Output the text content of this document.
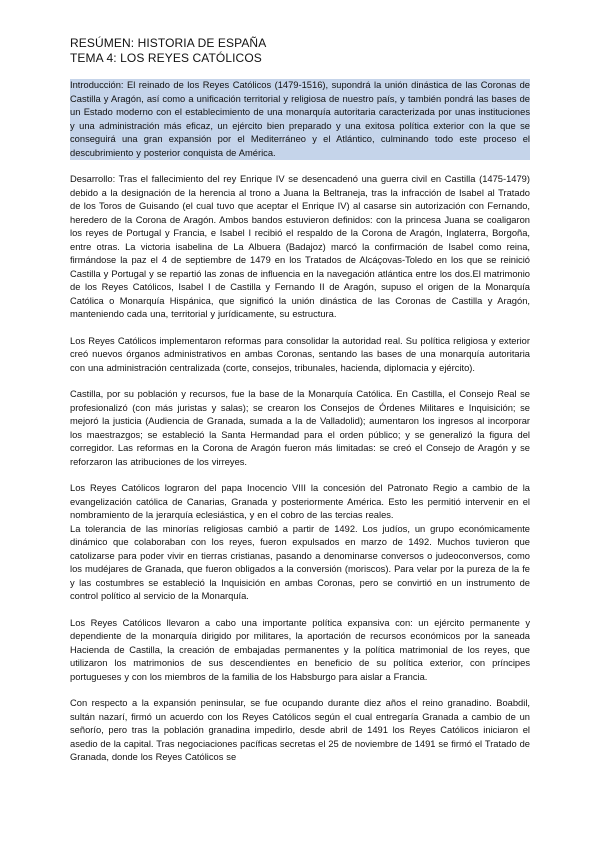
RESÚMEN: HISTORIA DE ESPAÑA
TEMA 4: LOS REYES CATÓLICOS

Introducción: El reinado de los Reyes Católicos (1479-1516), supondrá la unión dinástica de las Coronas de Castilla y Aragón, así como a unificación territorial y religiosa de nuestro país, y también pondrá las bases de un Estado moderno con el establecimiento de una monarquía autoritaria caracterizada por unas instituciones y una administración más eficaz, un ejército bien preparado y una exitosa política exterior con la que se conseguirá una gran expansión por el Mediterráneo y el Atlántico, culminando todo este proceso el descubrimiento y posterior conquista de América.

Desarrollo: Tras el fallecimiento del rey Enrique IV se desencadenó una guerra civil en Castilla (1475-1479) debido a la designación de la herencia al trono a Juana la Beltraneja, tras la infracción de Isabel al Tratado de los Toros de Guisando (el cual tuvo que aceptar el Enrique IV) al casarse sin autorización con Fernando, heredero de la Corona de Aragón. Ambos bandos estuvieron definidos: con la princesa Juana se coaligaron los reyes de Portugal y Francia, e Isabel I recibió el respaldo de la Corona de Aragón, Inglaterra, Borgoña, entre otras. La victoria isabelina de La Albuera (Badajoz) marcó la confirmación de Isabel como reina, firmándose la paz el 4 de septiembre de 1479 en los Tratados de Alcáçovas-Toledo en los que se reinició Castilla y Portugal y se repartió las zonas de influencia en la navegación atlántica entre los dos.El matrimonio de los Reyes Católicos, Isabel I de Castilla y Fernando II de Aragón, supuso el origen de la Monarquía Católica o Monarquía Hispánica, que significó la unión dinástica de las Coronas de Castilla y Aragón, manteniendo cada una, territorial y jurídicamente, su estructura.

Los Reyes Católicos implementaron reformas para consolidar la autoridad real. Su política religiosa y exterior creó nuevos órganos administrativos en ambas Coronas, sentando las bases de una monarquía autoritaria con una administración centralizada (corte, consejos, tribunales, hacienda, diplomacia y ejército).

Castilla, por su población y recursos, fue la base de la Monarquía Católica. En Castilla, el Consejo Real se profesionalizó (con más juristas y salas); se crearon los Consejos de Órdenes Militares e Inquisición; se mejoró la justicia (Audiencia de Granada, sumada a la de Valladolid); aumentaron los ingresos al incorporar los maestrazgos; se estableció la Santa Hermandad para el orden público; y se generalizó la figura del corregidor. Las reformas en la Corona de Aragón fueron más limitadas: se creó el Consejo de Aragón y se reforzaron las atribuciones de los virreyes.

Los Reyes Católicos lograron del papa Inocencio VIII la concesión del Patronato Regio a cambio de la evangelización católica de Canarias, Granada y posteriormente América. Esto les permitió intervenir en el nombramiento de la jerarquía eclesiástica, y en el cobro de las tercias reales.

La tolerancia de las minorías religiosas cambió a partir de 1492. Los judíos, un grupo económicamente dinámico que colaboraban con los reyes, fueron expulsados en marzo de 1492. Muchos tuvieron que catolizarse para poder vivir en tierras cristianas, pasando a denominarse conversos o judeoconversos, como los mudéjares de Granada, que fueron obligados a la conversión (moriscos). Para velar por la pureza de la fe y las costumbres se estableció la Inquisición en ambas Coronas, pero se convirtió en un instrumento de control político al servicio de la Monarquía.

Los Reyes Católicos llevaron a cabo una importante política expansiva con: un ejército permanente y dependiente de la monarquía dirigido por militares, la aportación de recursos económicos por la saneada Hacienda de Castilla, la creación de embajadas permanentes y la política matrimonial de los reyes, que utilizaron los matrimonios de sus descendientes en beneficio de su política exterior, con príncipes portugueses y con los miembros de la familia de los Habsburgo para aislar a Francia.

Con respecto a la expansión peninsular, se fue ocupando durante diez años el reino granadino. Boabdil, sultán nazarí, firmó un acuerdo con los Reyes Católicos según el cual entregaría Granada a cambio de un señorío, pero tras la población granadina impedirlo, desde abril de 1491 los Reyes Católicos iniciaron el asedio de la capital. Tras negociaciones pacíficas secretas el 25 de noviembre de 1491 se firmó el Tratado de Granada, donde los Reyes Católicos se
